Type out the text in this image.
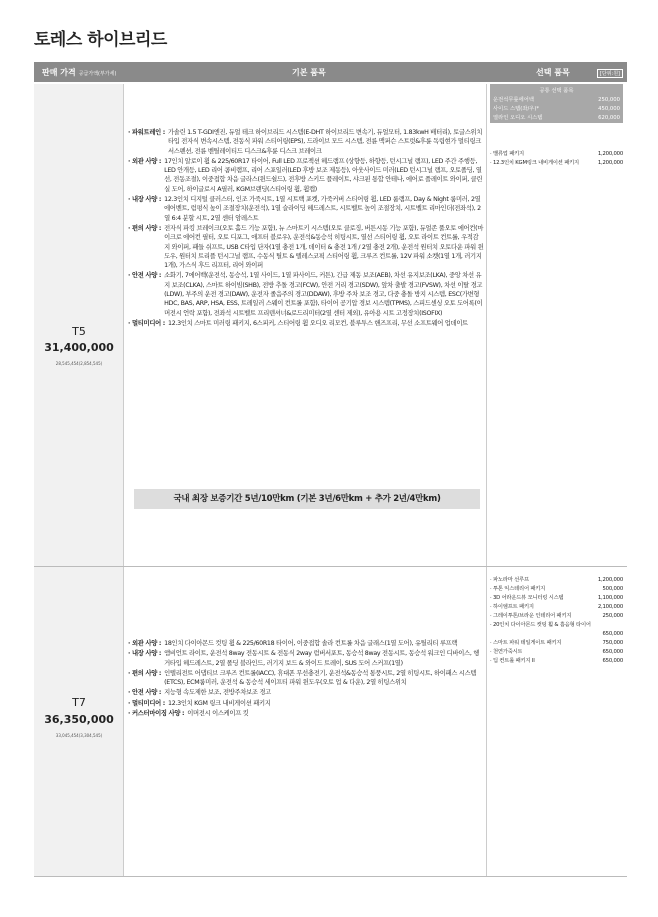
토레스 하이브리드
판매 가격 공급가액(부가세)	기본 품목	선택 품목	[단위:원]
T5
31,400,000
28,545,454(2,854,545)
· 파워트레인 : 가솔린 1.5 T-GDI엔진, 듀얼 테크 하이브리드 시스템(E-DHT 하이브리드 변속기, 듀얼모터, 1.83kwH 배터리), 토글스위치 타입 전자식 변속시스템, 전동식 파워 스티어링(EPS), 드라이브 모드 시스템, 전륜 맥퍼슨 스트럿&후륜 독립현가 멀티링크서스펜션, 전륜 벤틸레이티드 디스크&후륜 디스크 브레이크
· 외관 사양 : 17인치 알로이 휠 & 225/60R17 타이어, Full LED 프로젝션 헤드램프 (상향등, 하향등, 턴시그널 램프), LED 주간 주행등, LED 안개등, LED 리어 콤비램프, 리어 스포일러(LED 후방 보조 제동등), 아웃사이드 미러(LED 턴시그널 램프, 오토폴딩, 열선, 전동조절), 이중접합 차음 글라스(윈드쉴드), 전후방 스키드 플레이트, 샤크핀 통합 안테나, 에어로 플레이트 와이퍼, 클린실 도어, 하이글로시 A필러, KGM브랜딩(스티어링 휠, 휠캡)
· 내장 사양 : 12.3인치 디지털 클러스터, 인조 가죽시트, 1열 시트백 포켓, 가죽커버 스티어링 휠, LED 룸램프, Day & Night 룸미러, 2열 에어벤트, 럼펑식 높이 조절장치(운전석), 1열 슬라이딩 헤드레스트, 시트벨트 높이 조절장치, 시트벨트 리마인더(전좌석), 2열 6:4 분할 시트, 2열 센터 암레스트
· 편의 사양 : 전자식 파킹 브레이크(오토 홀드 기능 포함), 뉴 스마트키 시스템(오토 클로징, 버튼시동 기능 포함), 듀얼존 풀오토 에어컨(마이크로 에어컨 필터, 오토 디포그, 애프터 블로우), 운전석&동승석 히팅시트, 열선 스티어링 휠, 오토 라이트 컨트롤, 우적감지 와이퍼, 패들 쉬프트, USB C타입 단자(1열 충전 1개, 데이터 & 충전 1개 / 2열 충전 2개), 운전석 원터치 오토다운 파워 윈도우, 원터치 트리플 턴시그널 램프, 수동식 틸트 & 텔레스코픽 스티어링 휠, 크루즈 컨트롤, 12V 파워 소켓(1열 1개, 러기지 1개), 가스식 후드 리프터, 리어 와이퍼
· 안전 사양 : 소화기, 7에어백(운전석, 동승석, 1열 사이드, 1열 파사이드, 커튼), 긴급 제동 보조(AEB), 차선 유지보조(LKA), 중앙 차선 유지 보조(CLKA), 스마트 하이빔(SHB), 전방 추돌 경고(FCW), 안전 거리 경고(SDW), 앞차 출발 경고(FVSW), 차선 이탈 경고(LDW), 부주의 운전 경고(DAW), 운전자 졸음주의 경고(DDAW), 후방 주차 보조 경고, 다중 충돌 방지 시스템, ESC(가변형 HDC, BAS, ARP, HSA, ESS, 트레일러 스웨이 컨트롤 포함), 타이어 공기압 경보 시스템(TPMS), 스피드센싱 오토 도어록(이머전시 언락 포함), 전좌석 시트벨트 프리텐셔너&로드리미터(2열 센터 제외), 유아용 시트 고정장치(ISOFIX)
· 멀티미디어 : 12.3인치 스마트 미러링 패키지, 6스피커, 스티어링 휠 오디오 리모컨, 블루투스 핸즈프리, 무선 소프트웨어 업데이트
국내 최장 보증기간 5년/10만km (기본 3년/6만km + 추가 2년/4만km)
공통 선택 품목
운전석무릎에어백	250,000
사이드 스텝(좌/우)*	450,000
열라인 오디오 시스템	620,000
· 밸류업 패키지	1,200,000
· 12.3인치 KGM링크 내비게이션 패키지	1,200,000
T7
36,350,000
33,045,454(3,304,545)
· 외관 사양 : 18인치 다이아몬드 컷팅 휠 & 225/60R18 타이어, 이중접합 솔라 컨트롤 차음 글래스(1열 도어), 유틸리티 루프랙
· 내장 사양 : 앰비언트 라이트, 운전석 8way 전동시트 & 전동식 2way 럼버서포트, 동승석 8way 전동시트, 동승석 워크인 디바이스, 헹거타입 헤드레스트, 2열 폴딩 블라인드, 러기지 보드 & 와이드 트레이, SUS 도어 스커프(1열)
· 편의 사양 : 인텔리전트 어댑티브 크루즈 컨트롤(IACC), 휴대폰 무선충전기, 운전석&동승석 통풍시트, 2열 히팅시트, 하이패스 시스템(ETCS), ECM룸미러, 운전석 & 동승석 세이프티 파워 윈도우(오토 업 & 다운), 2열 히팅스위치
· 안전 사양 : 지능형 속도제한 보조, 전방주차보조 경고
· 멀티미디어 : 12.3인치 KGM 링크 내비게이션 패키지
· 커스터마이징 사양 : 이머전시 이스케이프 킷
· 파노라마 선루프	1,200,000
· 투톤 익스테리어 패키지	500,000
· 3D 어라운드뷰 모니터링 시스템	1,100,000
· 하이엠프트 패키지	2,100,000
· 그레이투톤/브라운 인테리어 패키지	250,000
· 20인치 다이아몬드 컷팅 휠 & 흡음형 타이어
650,000
· 스마트 파워 테일게이트 패키지	750,000
· 천연가죽시트	650,000
· 딥 컨트롤 패키지 II	650,000
